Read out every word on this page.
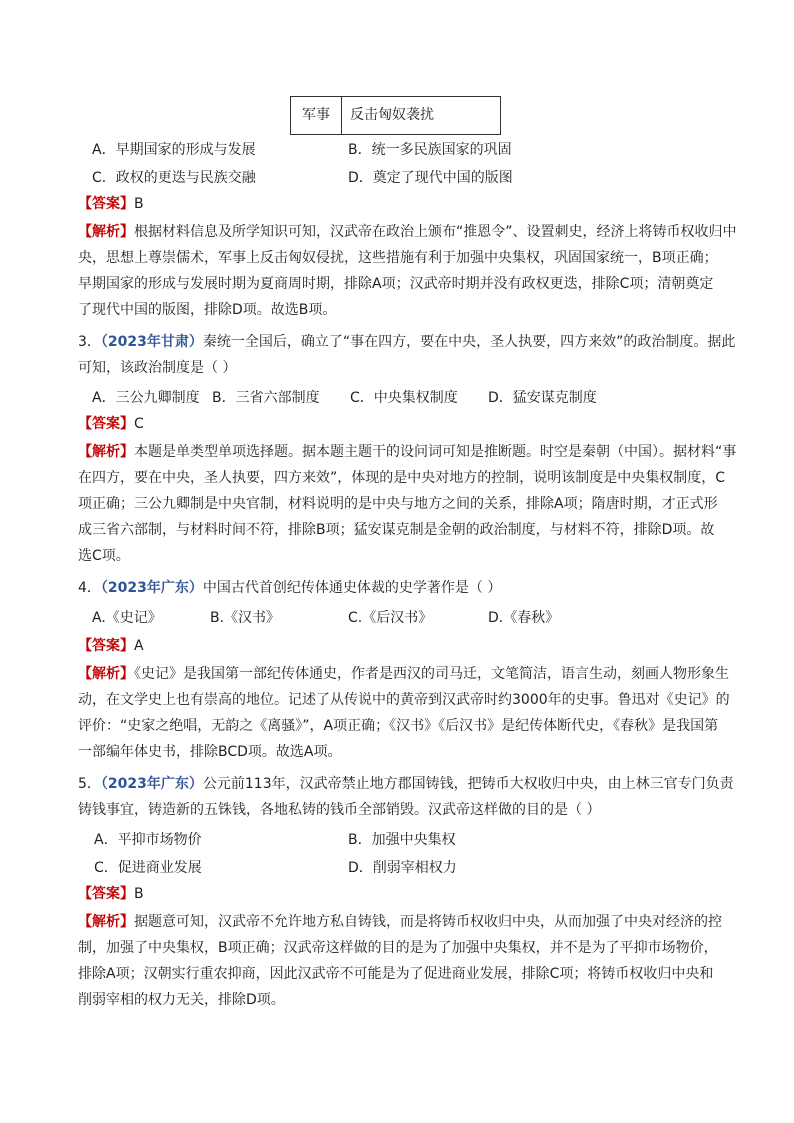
军事	反击匈奴袭扰
A．早期国家的形成与发展	B．统一多民族国家的巩固
C．政权的更迭与民族交融	D．奠定了现代中国的版图
【答案】B
【解析】根据材料信息及所学知识可知，汉武帝在政治上颁布“推恩令”、设置刺史，经济上将铸币权收归中
央，思想上尊崇儒术，军事上反击匈奴侵扰，这些措施有利于加强中央集权，巩固国家统一，B项正确；
早期国家的形成与发展时期为夏商周时期，排除A项；汉武帝时期并没有政权更迭，排除C项；清朝奠定
了现代中国的版图，排除D项。故选B项。
3．（2023年甘肃）秦统一全国后，确立了“事在四方，要在中央，圣人执要，四方来效”的政治制度。据此
可知，该政治制度是（ ）
A．三公九卿制度 B．三省六部制度 C．中央集权制度 D．猛安谋克制度
【答案】C
【解析】本题是单类型单项选择题。据本题主题干的设问词可知是推断题。时空是秦朝（中国）。据材料“事
在四方，要在中央，圣人执要，四方来效”，体现的是中央对地方的控制，说明该制度是中央集权制度，C
项正确；三公九卿制是中央官制，材料说明的是中央与地方之间的关系，排除A项；隋唐时期，才正式形
成三省六部制，与材料时间不符，排除B项；猛安谋克制是金朝的政治制度，与材料不符，排除D项。故
选C项。
4．（2023年广东）中国古代首创纪传体通史体裁的史学著作是（ ）
A.《史记》	B.《汉书》	C.《后汉书》	D.《春秋》
【答案】A
【解析】《史记》是我国第一部纪传体通史，作者是西汉的司马迁，文笔简洁，语言生动，刻画人物形象生
动，在文学史上也有崇高的地位。记述了从传说中的黄帝到汉武帝时约3000年的史事。鲁迅对《史记》的
评价：“史家之绝唱，无韵之《离骚》”，A项正确；《汉书》《后汉书》是纪传体断代史，《春秋》是我国第
一部编年体史书，排除BCD项。故选A项。
5．（2023年广东）公元前113年，汉武帝禁止地方郡国铸钱，把铸币大权收归中央，由上林三官专门负责
铸钱事宜，铸造新的五铢钱，各地私铸的钱币全部销毁。汉武帝这样做的目的是（ ）
A．平抑市场物价	B．加强中央集权
C．促进商业发展	D．削弱宰相权力
【答案】B
【解析】据题意可知，汉武帝不允许地方私自铸钱，而是将铸币权收归中央，从而加强了中央对经济的控
制，加强了中央集权，B项正确；汉武帝这样做的目的是为了加强中央集权，并不是为了平抑市场物价，
排除A项；汉朝实行重农抑商，因此汉武帝不可能是为了促进商业发展，排除C项；将铸币权收归中央和
削弱宰相的权力无关，排除D项。
